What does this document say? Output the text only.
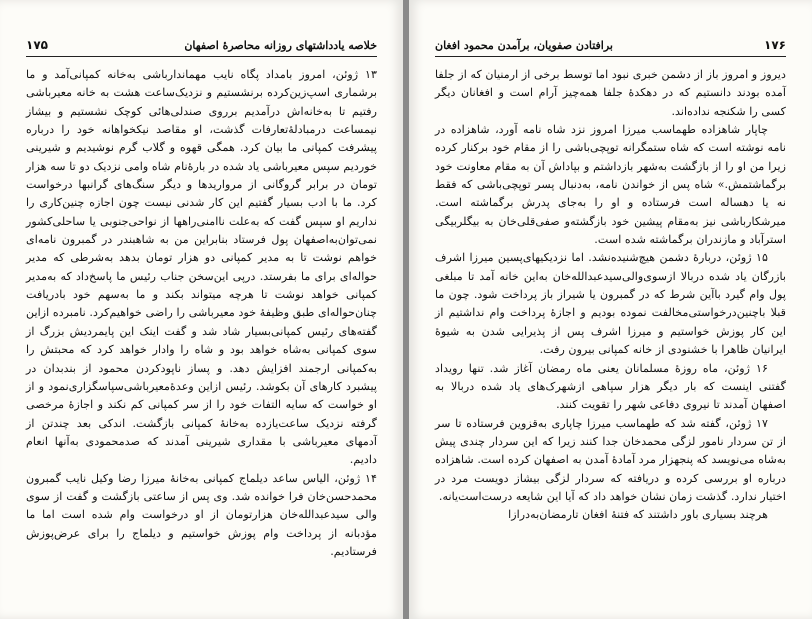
۱۷۵	خلاصه یادداشتهای روزانه محاصرهٔ اصفهان

۱۳ ژوئن، امروز بامداد پگاه نایب مهماندارباشی به‌خانه کمپانی‌آمد و ما برشماری اسپ‌زین‌کرده برنشستیم و نزدیک‌ساعت هشت به خانه معیرباشی رفتیم تا به‌خانه‌اش درآمدیم بر‌روی صندلی‌هائی کوچک نشستیم و بیشاز نیمساعت در‌مبادلهٔ‌تعارفات گذشت، او مقاصد نیکخواهانه خود را درباره پیشرفت کمپانی ما بیان کرد. همگی قهوه و گلاب گرم نوشیدیم و شیرینی خوردیم سپس معیرباشی یاد شده در باره‌ٔ‌نام شاه وامی نزدیک دو تا سه هزار تومان در برابر گروگانی از مرواریدها و دیگر سنگ‌های گرانبها درخواست کرد. ما با ادب بسیار گفتیم این کار شدنی نیست چون اجازه چنین‌کاری را نداریم او سپس گفت که به‌علت ناامنی‌راهها از نواحی‌جنوبی یا ساحلی‌کشور نمی‌توان‌به‌اصفهان پول فرستاد بنابراین من به شاهبندر در گمبرون نامه‌ای خواهم نوشت تا به مدیر کمپانی دو هزار تومان بدهد به‌شرطی که مدیر حواله‌ای برای ما بفرستد. درپی این‌سخن جناب رئیس ما پاسخ‌داد که به‌مدیر کمپانی خواهد نوشت تا هرچه میتواند بکند و ما به‌سهم خود بادریافت چنان‌حواله‌ای طبق وظیفهٔ خود معیرباشی را راضی خواهیم‌کرد. نامبرده ازاین گفته‌های رئیس کمپانی‌بسیار شاد شد و گفت اینک این پایمردیش بزرگ از سوی کمپانی به‌شاه خواهد بود و شاه را وادار خواهد کرد که محبتش را به‌کمپانی ارجمند افزایش دهد. و پساز ناپودکردن محمود از بندبدان در پیشبرد کارهای آن بکوشد. رئیس ازاین وعدهٔ‌معیرباشی‌سپاسگزاری‌نمود و از او خواست که سایه التفات خود را از سر کمپانی کم نکند و اجازهٔ مرخصی گرفته نزدیک ساعت‌یازده به‌خانهٔ کمپانی بازگشت. اندکی بعد چندتن از آدمهای معیرباشی با مقداری شیرینی آمدند که صدمحمودی به‌آنها انعام دادیم.

۱۴ ژوئن، الیاس ساعد دیلماج کمپانی به‌خانهٔ میرزا رضا وکیل نایب گمبرون محمدحسن‌خان فرا خوانده شد. وی پس از ساعتی بازگشت و گفت از سوی والی سیدعبدالله‌خان هزارتومان از او درخواست وام شده است اما ما مؤدبانه از پرداخت وام پوزش خواستیم و دیلماج را برای عرض‌پوزش فرستادیم.

۱۷۶
برافتادن صفویان، برآمدن محمود افغان

دیروز و امروز باز از دشمن خبری نبود اما توسط برخی از ارمنیان که از جلفا آمده بودند دانستیم که در دهکدهٔ جلفا همه‌چیز آرام است و افغانان دیگر کسی را شکنجه نداده‌اند.

چاپار شاهزاده طهماسب میرزا امروز نزد شاه نامه آورد، شاهزاده در نامه نوشته است که شاه ستمگرانه توپچی‌باشی را از مقام خود برکنار کرده زیرا من او را از بازگشت به‌شهر بازداشتم و بپاداش آن به مقام معاونت خود برگماشتمش.» شاه پس از خواندن نامه، به‌دنبال پسر توپچی‌باشی که فقط نه یا دهساله است فرستاده و او را به‌جای پدرش برگماشته است. میرشکارباشی نیز به‌مقام پیشین خود بازگشته‌و صفی‌قلی‌خان به بیگلربیگی استرآباد و مازندران برگماشته شده است.

۱۵ ژوئن، دربارهٔ دشمن هیچ‌شنیده‌نشد. اما نزدیکیهای‌پسین میرزا اشرف بازرگان یاد شده دربالا ازسوی‌والی‌سیدعبدالله‌خان به‌این خانه آمد تا مبلغی پول وام گیرد باآین شرط که در گمبرون یا شیراز باز پرداخت شود. چون ما قبلا باچنین‌درخواستی‌مخالفت نموده بودیم و اجازهٔ پرداخت وام نداشتیم از این کار پوزش خواستیم و میرزا اشرف پس از پذیرایی شدن به شیوهٔ ایرانیان ظاهرا با خشنودی از خانه کمپانی بیرون رفت.

۱۶ ژوئن، ماه روزهٔ مسلمانان یعنی ماه رمضان آغاز شد. تنها رویداد گفتنی اینست که بار دیگر هزار سپاهی ازشهرک‌های یاد شده دربالا به اصفهان آمدند تا نیروی دفاعی شهر را تقویت کنند.

۱۷ ژوئن، گفته شد که طهماسب میرزا چاپاری به‌قزوین فرستاده تا سر از تن سردار نامور لزگی محمدخان جدا کنند زیرا که این سردار چندی پیش به‌شاه می‌نویسد که پنجهزار مرد آمادهٔ آمدن به اصفهان کرده است. شاهزاده درباره او بررسی کرده و دریافته که سردار لزگی بیشاز دویست مرد در اختیار ندارد. گذشت زمان نشان خواهد داد که آیا این شایعه درست‌است‌یانه.

هرچند بسیاری باور داشتند که فتنهٔ افغان تارمضان‌به‌درازا
